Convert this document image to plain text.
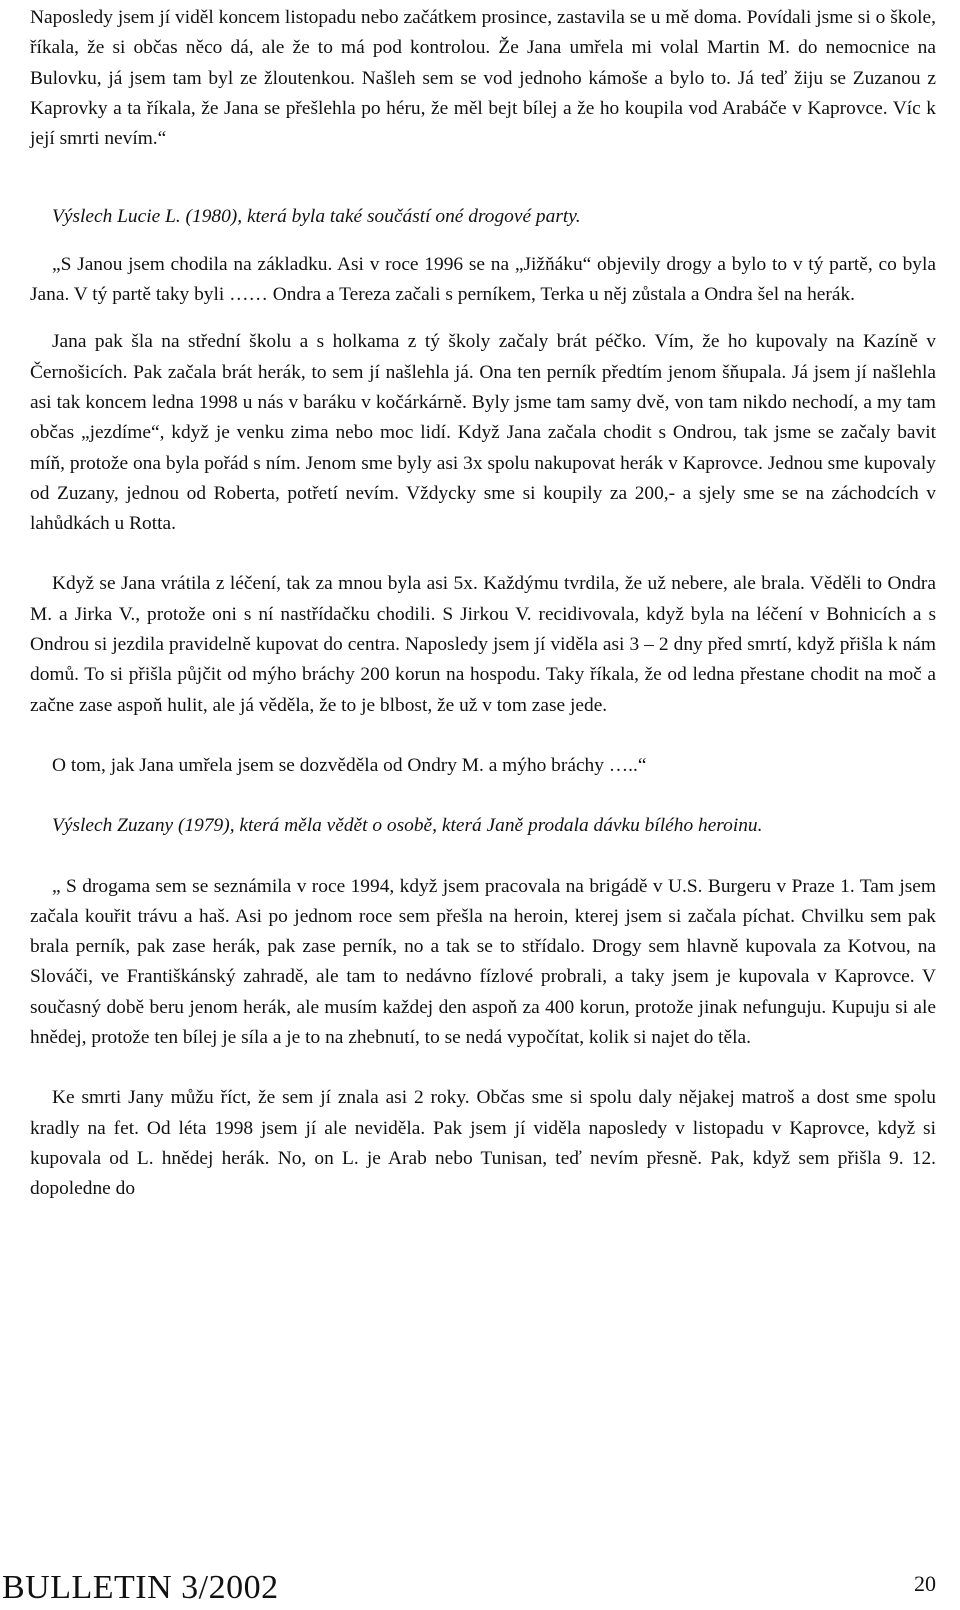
Naposledy jsem jí viděl koncem listopadu nebo začátkem prosince, zastavila se u mě doma. Povídali jsme si o škole, říkala, že si občas něco dá, ale že to má pod kontrolou. Že Jana umřela mi volal Martin M. do nemocnice na Bulovku, já jsem tam byl ze žloutenkou. Našleh sem se vod jednoho kámoše a bylo to. Já teď žiju se Zuzanou z Kaprovky a ta říkala, že Jana se přešlehla po héru, že měl bejt bílej a že ho koupila vod Arabáče v Kaprovce. Víc k její smrti nevím.“

Výslech Lucie L. (1980), která byla také součástí oné drogové party.

„S Janou jsem chodila na základku. Asi v roce 1996 se na „Jižňáku“ objevily drogy a bylo to v tý partě, co byla Jana. V tý partě taky byli …… Ondra a Tereza začali s perníkem, Terka u něj zůstala a Ondra šel na herák.

Jana pak šla na střední školu a s holkama z tý školy začaly brát péčko. Vím, že ho kupovaly na Kazíně v Černošicích. Pak začala brát herák, to sem jí našlehla já. Ona ten perník předtím jenom šňupala. Já jsem jí našlehla asi tak koncem ledna 1998 u nás v baráku v kočárkárně. Byly jsme tam samy dvě, von tam nikdo nechodí, a my tam občas „jezdíme“, když je venku zima nebo moc lidí. Když Jana začala chodit s Ondrou, tak jsme se začaly bavit míň, protože ona byla pořád s ním. Jenom sme byly asi 3x spolu nakupovat herák v Kaprovce. Jednou sme kupovaly od Zuzany, jednou od Roberta, potřetí nevím. Vždycky sme si koupily za 200,- a sjely sme se na záchodcích v lahůdkách u Rotta.

Když se Jana vrátila z léčení, tak za mnou byla asi 5x. Každýmu tvrdila, že už nebere, ale brala. Věděli to Ondra M. a Jirka V., protože oni s ní nastřídačku chodili. S Jirkou V. recidivovala, když byla na léčení v Bohnicích a s Ondrou si jezdila pravidelně kupovat do centra. Naposledy jsem jí viděla asi 3 – 2 dny před smrtí, když přišla k nám domů. To si přišla půjčit od mýho bráchy 200 korun na hospodu. Taky říkala, že od ledna přestane chodit na moč a začne zase aspoň hulit, ale já věděla, že to je blbost, že už v tom zase jede.

O tom, jak Jana umřela jsem se dozvěděla od Ondry M. a mýho bráchy …..“

Výslech Zuzany (1979), která měla vědět o osobě, která Janě prodala dávku bílého heroinu.

„ S drogama sem se seznámila v roce 1994, když jsem pracovala na brigádě v U.S. Burgeru v Praze 1. Tam jsem začala kouřit trávu a haš. Asi po jednom roce sem přešla na heroin, kterej jsem si začala píchat. Chvilku sem pak brala perník, pak zase herák, pak zase perník, no a tak se to střídalo. Drogy sem hlavně kupovala za Kotvou, na Slováči, ve Františkánský zahradě, ale tam to nedávno fízlové probrali, a taky jsem je kupovala v Kaprovce. V současný době beru jenom herák, ale musím každej den aspoň za 400 korun, protože jinak nefunguju. Kupuju si ale hnědej, protože ten bílej je síla a je to na zhebnutí, to se nedá vypočítat, kolik si najet do těla.

Ke smrti Jany můžu říct, že sem jí znala asi 2 roky. Občas sme si spolu daly nějakej matroš a dost sme spolu kradly na fet. Od léta 1998 jsem jí ale neviděla. Pak jsem jí viděla naposledy v listopadu v Kaprovce, když si kupovala od L. hnědej herák. No, on L. je Arab nebo Tunisan, teď nevím přesně. Pak, když sem přišla 9. 12. dopoledne do

BULLETIN 3/2002	20
